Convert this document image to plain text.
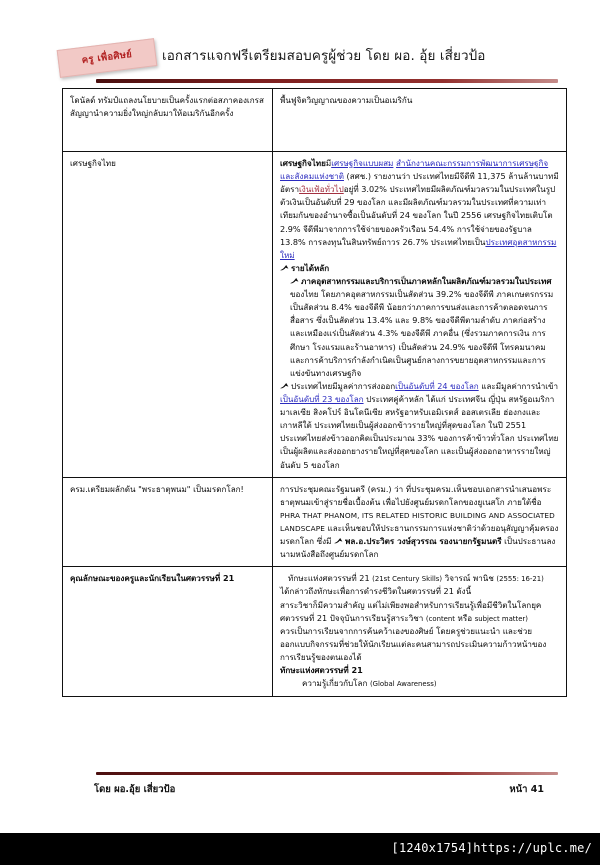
ครู เพื่อศิษย์	เอกสารแจกฟรีเตรียมสอบครูผู้ช่วย โดย ผอ. อุ้ย เสี่ยวป้อ
โดนัลด์ ทรัมป์แถลงนโยบายเป็นครั้งแรกต่อสภาคองเกรส สัญญานำความยิ่งใหญ่กลับมาให้อเมริกันอีกครั้ง	พื้นฟูจิตวิญญาณของความเป็นอเมริกัน

เศรษฐกิจไทย	เศรษฐกิจไทยมีเศรษฐกิจแบบผสม สำนักงานคณะกรรมการพัฒนาการเศรษฐกิจและสังคมแห่งชาติ (สศช.) รายงานว่า ประเทศไทยมีจีดีพี 11,375 ล้านล้านบาทมีอัตราเงินเฟ้อทั่วไปอยู่ที่ 3.02% ประเทศไทยมีผลิตภัณฑ์มวลรวมในประเทศในรูปตัวเงินเป็นอันดับที่ 29 ของโลก และมีผลิตภัณฑ์มวลรวมในประเทศที่ความเท่าเทียมกันของอำนาจซื้อเป็นอันดับที่ 24 ของโลก ในปี 2556 เศรษฐกิจไทยเติบโต 2.9% จีดีพีมาจากการใช้จ่ายของครัวเรือน 54.4% การใช้จ่ายของรัฐบาล 13.8% การลงทุนในสินทรัพย์ถาวร 26.7% ประเทศไทยเป็นประเทศอุตสาหกรรมใหม่
รายได้หลัก
ภาคอุตสาหกรรมและบริการเป็นภาคหลักในผลิตภัณฑ์มวลรวมในประเทศของไทย โดยภาคอุตสาหกรรมเป็นสัดส่วน 39.2% ของจีดีพี ภาคเกษตรกรรมเป็นสัดส่วน 8.4% ของจีดีพี น้อยกว่าภาคการขนส่งและการค้าตลอดจนการสื่อสาร ซึ่งเป็นสัดส่วน 13.4% และ 9.8% ของจีดีพีตามลำดับ ภาคก่อสร้างและเหมืองแร่เป็นสัดส่วน 4.3% ของจีดีพี ภาคอื่น (ซึ่งรวมภาคการเงิน การศึกษา โรงแรมและร้านอาหาร) เป็นสัดส่วน 24.9% ของจีดีพี โทรคมนาคมและการค้าบริการกำลังกำเนิดเป็นศูนย์กลางการขยายอุตสาหกรรมและการแข่งขันทางเศรษฐกิจ
ประเทศไทยมีมูลค่าการส่งออกเป็นอันดับที่ 24 ของโลก และมีมูลค่าการนำเข้าเป็นอันดับที่ 23 ของโลก ประเทศคู่ค้าหลัก ได้แก่ ประเทศจีน ญี่ปุ่น สหรัฐอเมริกา มาเลเซีย สิงคโปร์ อินโดนีเซีย สหรัฐอาหรับเอมิเรตส์ ออสเตรเลีย ฮ่องกงและเกาหลีใต้ ประเทศไทยเป็นผู้ส่งออกข้าวรายใหญ่ที่สุดของโลก ในปี 2551 ประเทศไทยส่งข้าวออกคิดเป็นประมาณ 33% ของการค้าข้าวทั่วโลก ประเทศไทยเป็นผู้ผลิตและส่งออกยางรายใหญ่ที่สุดของโลก และเป็นผู้ส่งออกอาหารรายใหญ่อันดับ 5 ของโลก

ครม.เตรียมผลักดัน "พระธาตุพนม" เป็นมรดกโลก!	การประชุมคณะรัฐมนตรี (ครม.) ว่า ที่ประชุมครม.เห็นชอบเอกสารนำเสนอพระธาตุพนมเข้าสู่รายชื่อเบื้องต้น เพื่อไปยังศูนย์มรดกโลกของยูเนสโก ภายใต้ชื่อ PHRA THAT PHANOM, ITS RELATED HISTORIC BUILDING AND ASSOCIATED LANDSCAPE และเห็นชอบให้ประธานกรรมการแห่งชาติว่าด้วยอนุสัญญาคุ้มครองมรดกโลก ซึ่งมี
พล.อ.ประวิตร วงษ์สุวรรณ รองนายกรัฐมนตรี เป็นประธานลงนามหนังสือถึงศูนย์มรดกโลก

คุณลักษณะของครูและนักเรียนในศตวรรษที่ 21	ทักษะแห่งศตวรรษที่ 21 (21st Century Skills) วิจารณ์ พานิช (2555: 16-21)
ได้กล่าวถึงทักษะเพื่อการดำรงชีวิตในศตวรรษที่ 21 ดังนี้
สาระวิชาก็มีความสำคัญ แต่ไม่เพียงพอสำหรับการเรียนรู้เพื่อมีชีวิตในโลกยุคศตวรรษที่ 21 ปัจจุบันการเรียนรู้สาระวิชา (content หรือ subject matter)
ควรเป็นการเรียนจากการค้นคว้าเองของศิษย์ โดยครูช่วยแนะนำ และช่วยออกแบบกิจกรรมที่ช่วยให้นักเรียนแต่ละคนสามารถประเมินความก้าวหน้าของการเรียนรู้ของตนเองได้
ทักษะแห่งศตวรรษที่ 21
ความรู้เกี่ยวกับโลก (Global Awareness)
โดย ผอ.อุ้ย เสี่ยวป้อ	หน้า 41
[1240x1754]https://uplc.me/
